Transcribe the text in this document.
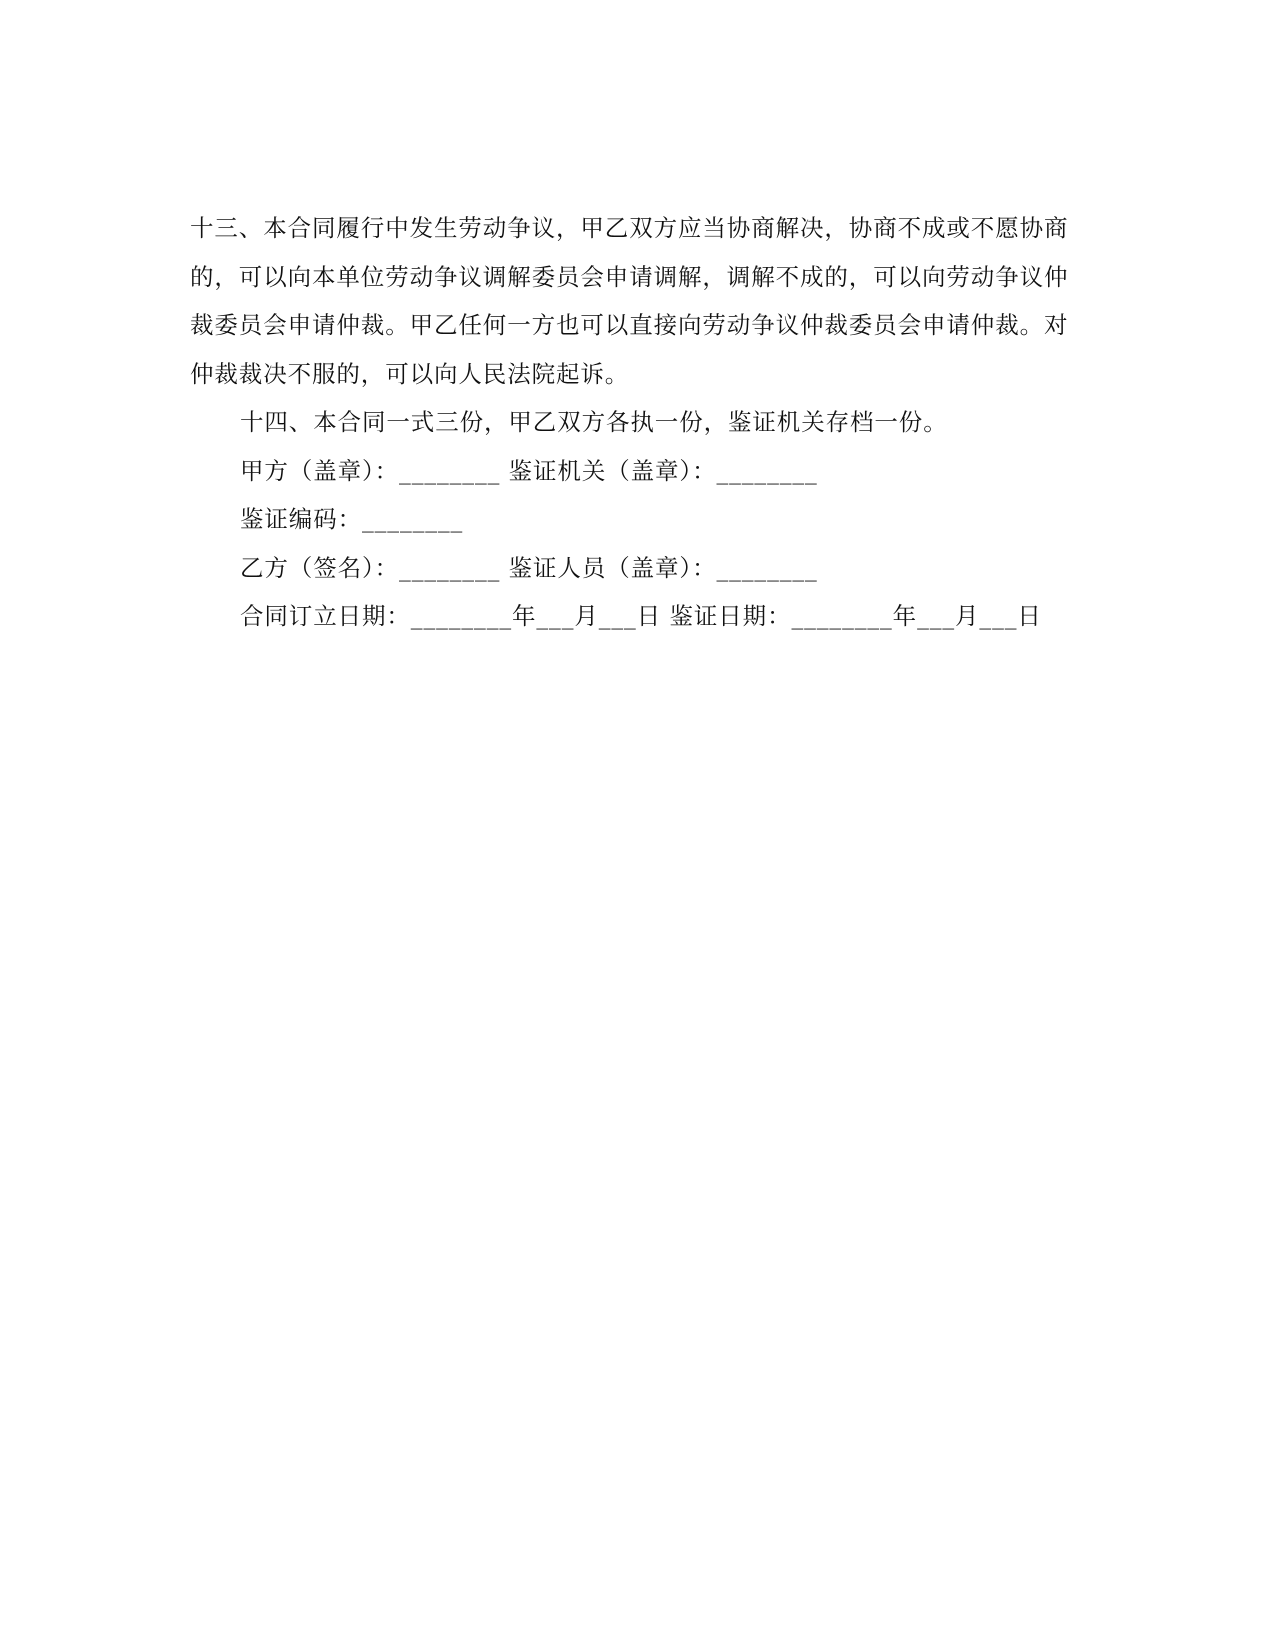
十三、本合同履行中发生劳动争议，甲乙双方应当协商解决，协商不成或不愿协商

的，可以向本单位劳动争议调解委员会申请调解，调解不成的，可以向劳动争议仲

裁委员会申请仲裁。甲乙任何一方也可以直接向劳动争议仲裁委员会申请仲裁。对

仲裁裁决不服的，可以向人民法院起诉。

十四、本合同一式三份，甲乙双方各执一份，鉴证机关存档一份。

甲方（盖章）：________ 鉴证机关（盖章）：________

鉴证编码：________

乙方（签名）：________ 鉴证人员（盖章）：________

合同订立日期：________年___月___日 鉴证日期：________年___月___日
